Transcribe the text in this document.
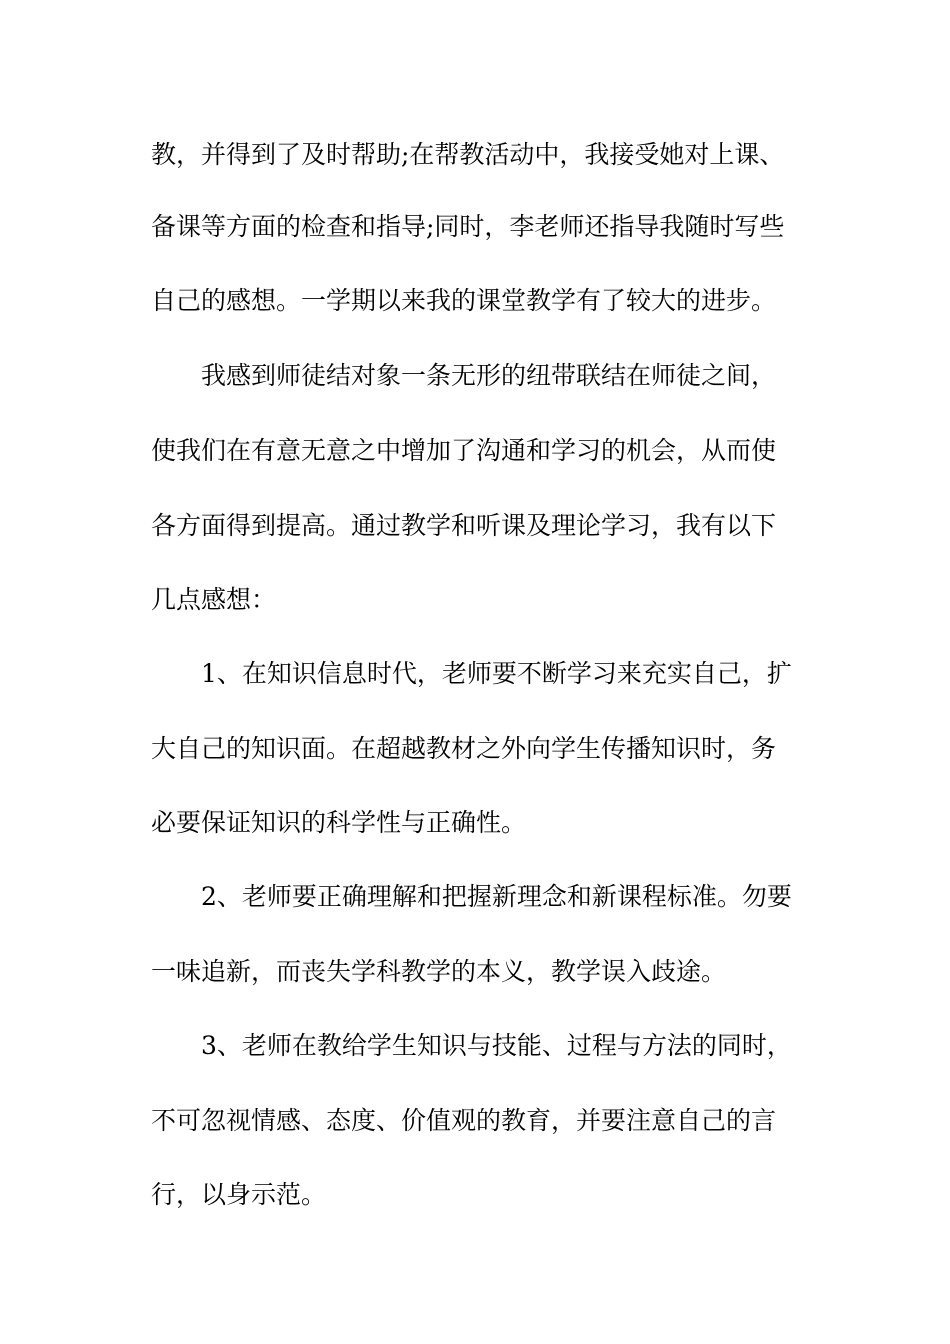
教，并得到了及时帮助;在帮教活动中，我接受她对上课、
备课等方面的检查和指导;同时，李老师还指导我随时写些
自己的感想。一学期以来我的课堂教学有了较大的进步。
我感到师徒结对象一条无形的纽带联结在师徒之间，
使我们在有意无意之中增加了沟通和学习的机会，从而使
各方面得到提高。通过教学和听课及理论学习，我有以下
几点感想：
1、在知识信息时代，老师要不断学习来充实自己，扩
大自己的知识面。在超越教材之外向学生传播知识时，务
必要保证知识的科学性与正确性。
2、老师要正确理解和把握新理念和新课程标准。勿要
一味追新，而丧失学科教学的本义，教学误入歧途。
3、老师在教给学生知识与技能、过程与方法的同时，
不可忽视情感、态度、价值观的教育，并要注意自己的言
行，以身示范。
